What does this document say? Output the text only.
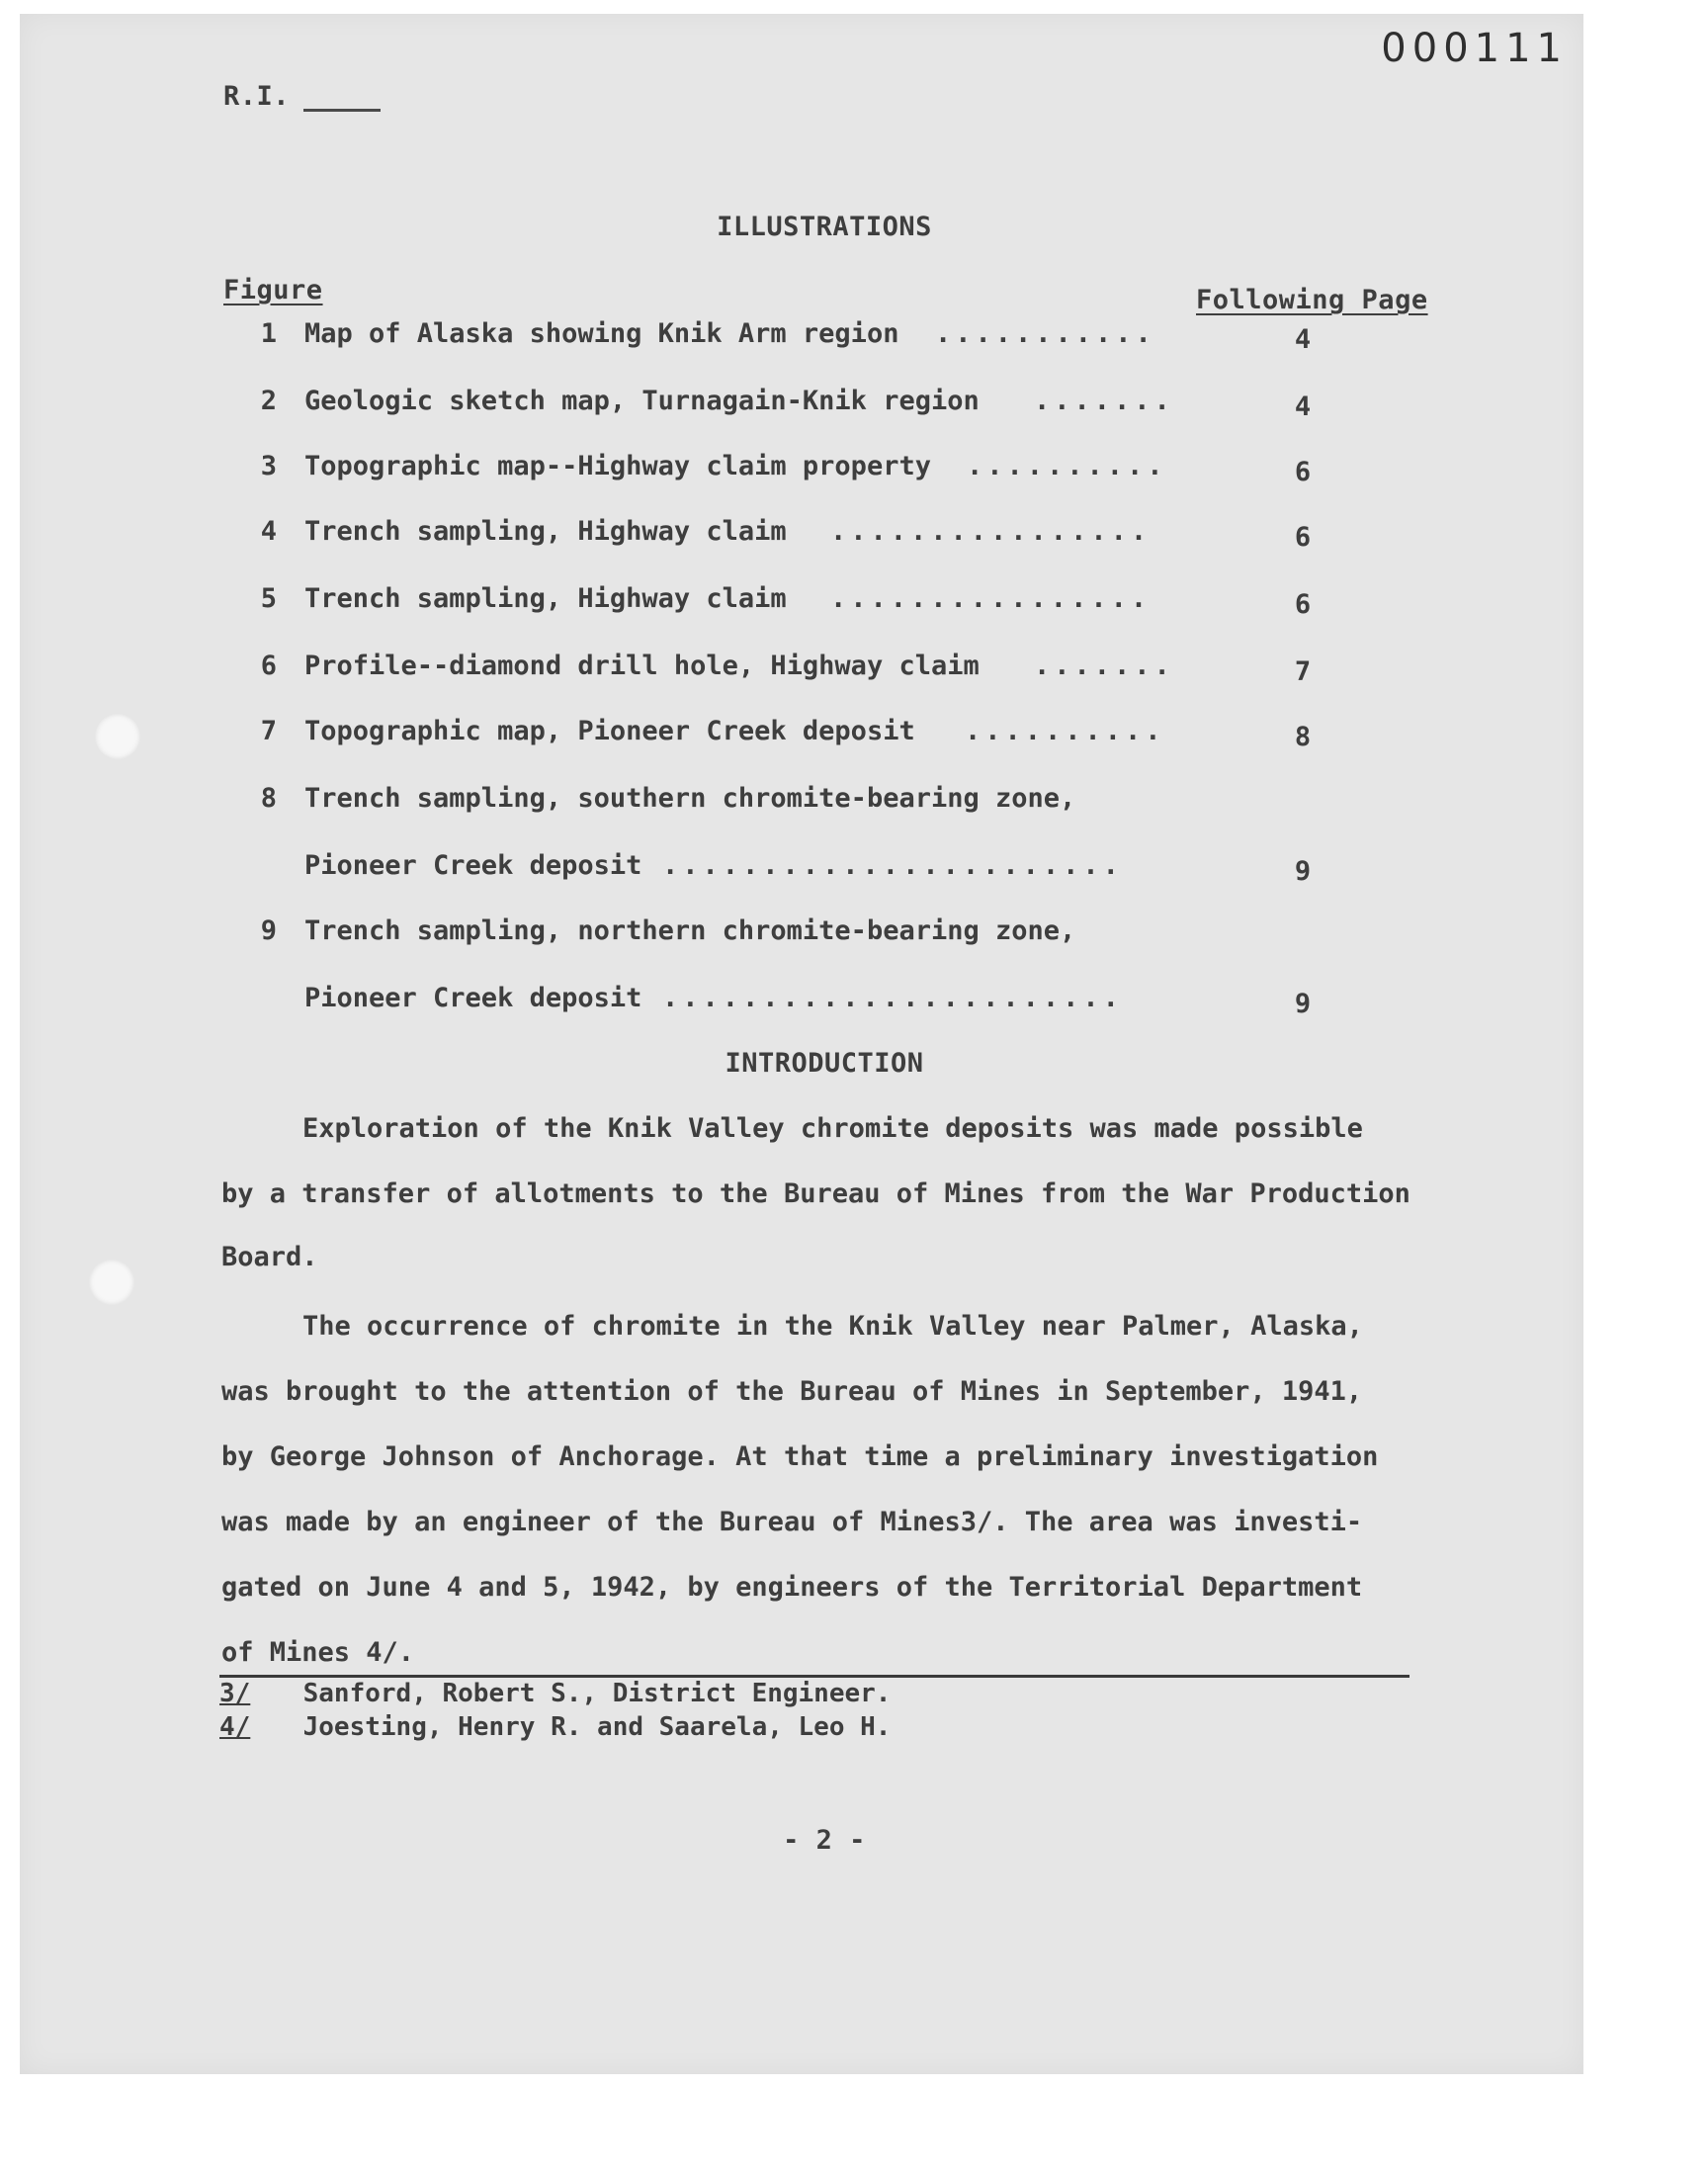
000111
R.I.
ILLUSTRATIONS
Figure	Following Page
1 Map of Alaska showing Knik Arm region ...........	4
2 Geologic sketch map, Turnagain-Knik region .......	4
3 Topographic map--Highway claim property ..........	6
4 Trench sampling, Highway claim ................	6
5 Trench sampling, Highway claim ................	6
6 Profile--diamond drill hole, Highway claim .......	7
7 Topographic map, Pioneer Creek deposit ..........	8
8 Trench sampling, southern chromite-bearing zone,
Pioneer Creek deposit .......................	9
9 Trench sampling, northern chromite-bearing zone,
Pioneer Creek deposit .......................	9
INTRODUCTION
Exploration of the Knik Valley chromite deposits was made possible
by a transfer of allotments to the Bureau of Mines from the War Production
Board.
The occurrence of chromite in the Knik Valley near Palmer, Alaska,
was brought to the attention of the Bureau of Mines in September, 1941,
by George Johnson of Anchorage. At that time a preliminary investigation
was made by an engineer of the Bureau of Mines3/. The area was investi-
gated on June 4 and 5, 1942, by engineers of the Territorial Department
of Mines 4/.
3/ Sanford, Robert S., District Engineer.
4/ Joesting, Henry R. and Saarela, Leo H.
- 2 -
